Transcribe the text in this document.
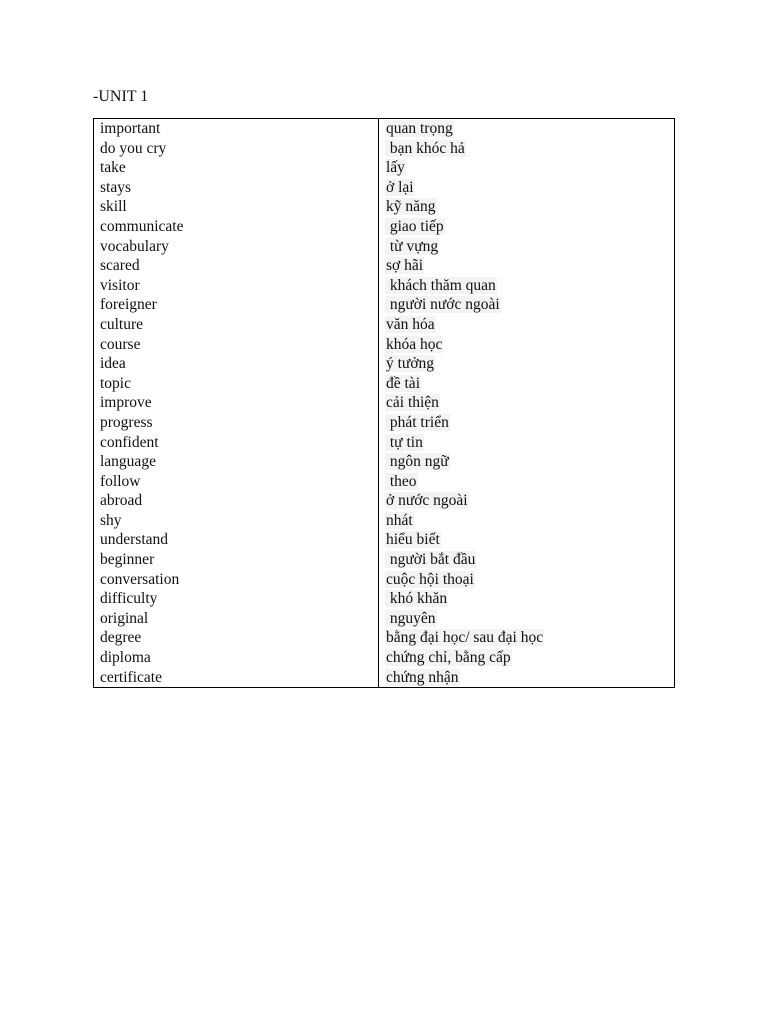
-UNIT 1
important	quan trọng
do you cry	bạn khóc hả
take	lấy
stays	ở lại
skill	kỹ năng
communicate	giao tiếp
vocabulary	từ vựng
scared	sợ hãi
visitor	khách thăm quan
foreigner	người nước ngoài
culture	văn hóa
course	khóa học
idea	ý tưởng
topic	đề tài
improve	cải thiện
progress	phát triển
confident	tự tin
language	ngôn ngữ
follow	theo
abroad	ở nước ngoài
shy	nhát
understand	hiểu biết
beginner	người bắt đầu
conversation	cuộc hội thoại
difficulty	khó khăn
original	nguyên
degree	bằng đại học/ sau đại học
diploma	chứng chỉ, bằng cấp
certificate	chứng nhận
